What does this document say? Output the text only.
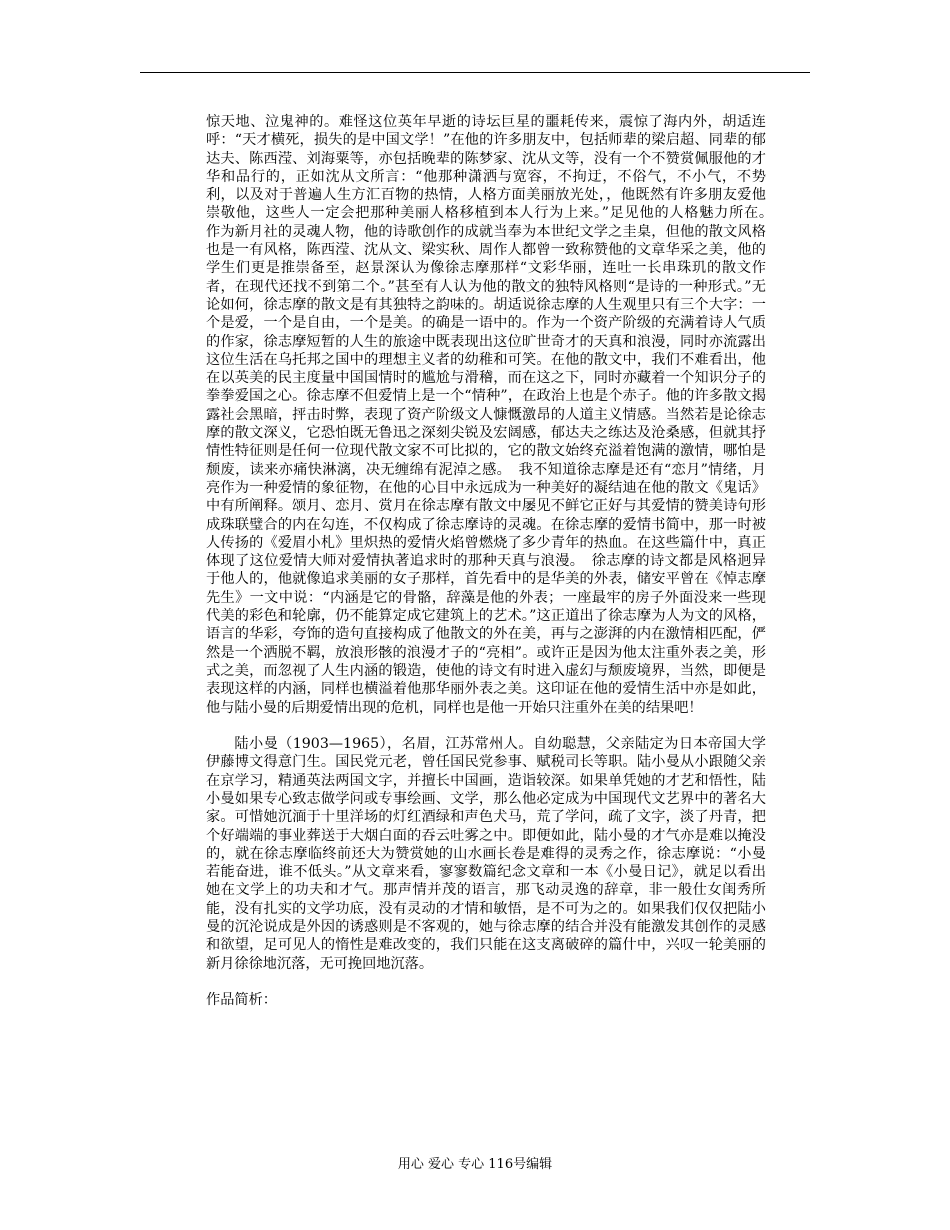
惊天地、泣鬼神的。难怪这位英年早逝的诗坛巨星的噩耗传来，震惊了海内外，胡适连呼：“天才横死，损失的是中国文学！”在他的许多朋友中，包括师辈的梁启超、同辈的郁达夫、陈西滢、刘海粟等，亦包括晚辈的陈梦家、沈从文等，没有一个不赞赏佩服他的才华和品行的，正如沈从文所言：“他那种潇洒与宽容，不拘迂，不俗气，不小气，不势利，以及对于普遍人生方汇百物的热情，人格方面美丽放光处，，他既然有许多朋友爱他崇敬他，这些人一定会把那种美丽人格移植到本人行为上来。”足见他的人格魅力所在。　作为新月社的灵魂人物，他的诗歌创作的成就当奉为本世纪文学之圭臬，但他的散文风格也是一有风格，陈西滢、沈从文、梁实秋、周作人都曾一致称赞他的文章华采之美，他的学生们更是推崇备至，赵景深认为像徐志摩那样“文彩华丽，连吐一长串珠玑的散文作者，在现代还找不到第二个。”甚至有人认为他的散文的独特风格则“是诗的一种形式。”无论如何，徐志摩的散文是有其独特之韵味的。胡适说徐志摩的人生观里只有三个大字：一个是爱，一个是自由，一个是美。的确是一语中的。作为一个资产阶级的充满着诗人气质的作家，徐志摩短暂的人生的旅途中既表现出这位旷世奇才的天真和浪漫，同时亦流露出这位生活在乌托邦之国中的理想主义者的幼稚和可笑。在他的散文中，我们不难看出，他在以英美的民主度量中国国情时的尴尬与滑稽，而在这之下，同时亦藏着一个知识分子的拳拳爱国之心。徐志摩不但爱情上是一个“情种”，在政治上也是个赤子。他的许多散文揭露社会黑暗，抨击时弊，表现了资产阶级文人慷慨激昂的人道主义情感。当然若是论徐志摩的散文深义，它恐怕既无鲁迅之深刻尖锐及宏阔感，郁达夫之练达及沧桑感，但就其抒情性特征则是任何一位现代散文家不可比拟的，它的散文始终充溢着饱满的激情，哪怕是颓废，读来亦痛快淋漓，决无缠绵有泥淖之感。　我不知道徐志摩是还有“恋月”情绪，月亮作为一种爱情的象征物，在他的心目中永远成为一种美好的凝结迪在他的散文《鬼话》中有所阐释。颂月、恋月、赏月在徐志摩有散文中屡见不鲜它正好与其爱情的赞美诗句形成珠联璧合的内在勾连，不仅构成了徐志摩诗的灵魂。在徐志摩的爱情书简中，那一时被人传扬的《爱眉小札》里炽热的爱情火焰曾燃烧了多少青年的热血。在这些篇什中，真正体现了这位爱情大师对爱情执著追求时的那种天真与浪漫。　徐志摩的诗文都是风格迥异于他人的，他就像追求美丽的女子那样，首先看中的是华美的外表，储安平曾在《悼志摩先生》一文中说：“内涵是它的骨骼，辞藻是他的外表；一座最牢的房子外面没来一些现代美的彩色和轮廓，仍不能算定成它建筑上的艺术。”这正道出了徐志摩为人为文的风格，语言的华彩，夸饰的造句直接构成了他散文的外在美，再与之澎湃的内在激情相匹配，俨然是一个洒脱不羁，放浪形骸的浪漫才子的“亮相”。或许正是因为他太注重外表之美，形式之美，而忽视了人生内涵的锻造，使他的诗文有时进入虚幻与颓废境界，当然，即便是表现这样的内涵，同样也横溢着他那华丽外表之美。这印证在他的爱情生活中亦是如此，他与陆小曼的后期爱情出现的危机，同样也是他一开始只注重外在美的结果吧！

陆小曼（1903—1965），名眉，江苏常州人。自幼聪慧，父亲陆定为日本帝国大学伊藤博文得意门生。国民党元老，曾任国民党参事、赋税司长等职。陆小曼从小跟随父亲在京学习，精通英法两国文字，并擅长中国画，造诣较深。如果单凭她的才艺和悟性，陆小曼如果专心致志做学问或专事绘画、文学，那么他必定成为中国现代文艺界中的著名大家。可惜她沉湎于十里洋场的灯红酒绿和声色犬马，荒了学问，疏了文字，淡了丹青，把个好端端的事业葬送于大烟白面的吞云吐雾之中。即便如此，陆小曼的才气亦是难以掩没的，就在徐志摩临终前还大为赞赏她的山水画长卷是难得的灵秀之作，徐志摩说：“小曼若能奋进，谁不低头。”从文章来看，寥寥数篇纪念文章和一本《小曼日记》，就足以看出她在文学上的功夫和才气。那声情并茂的语言，那飞动灵逸的辞章，非一般仕女闺秀所能，没有扎实的文学功底，没有灵动的才情和敏悟，是不可为之的。如果我们仅仅把陆小曼的沉沦说成是外因的诱惑则是不客观的，她与徐志摩的结合并没有能激发其创作的灵感和欲望，足可见人的惰性是难改变的，我们只能在这支离破碎的篇什中，兴叹一轮美丽的新月徐徐地沉落，无可挽回地沉落。

作品简析：

用心 爱心 专心 116号编辑
